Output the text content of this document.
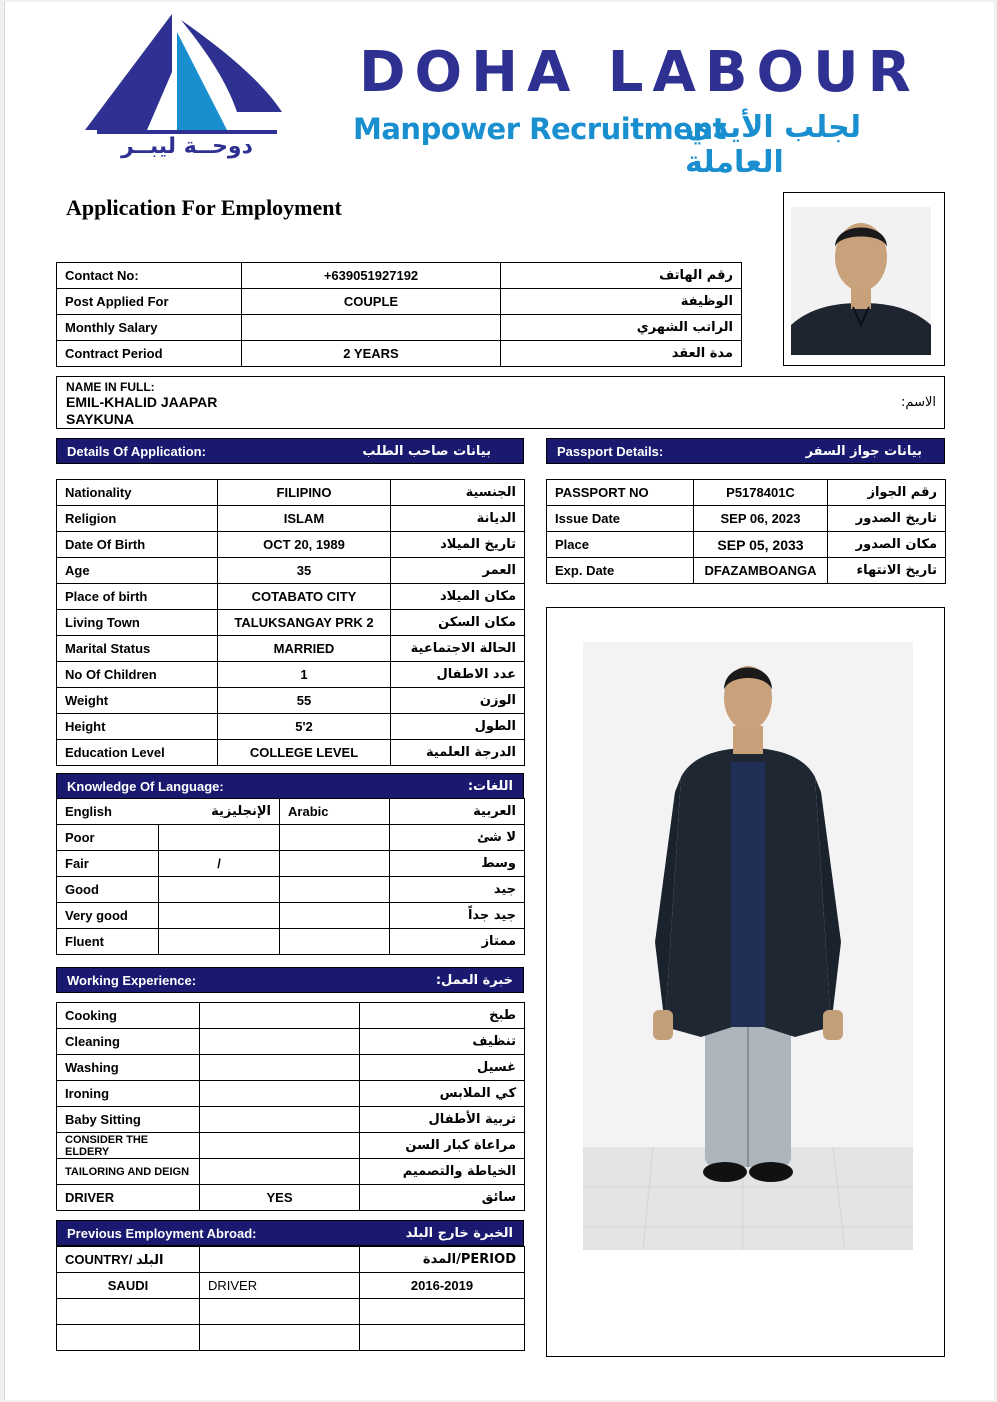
دوحــة ليبــر
DOHA LABOUR
Manpower Recruitment
لجلب الأيدي العاملة
Application For Employment
Contact No:	+639051927192	رقم الهاتف
Post Applied For	COUPLE	الوظيفة
Monthly Salary		الراتب الشهري
Contract Period	2 YEARS	مدة العقد
NAME IN FULL:
EMIL-KHALID JAAPAR
SAYKUNA
الاسم:
Details Of Application:	بيانات صاحب الطلب
Nationality	FILIPINO	الجنسية
Religion	ISLAM	الديانة
Date Of Birth	OCT 20, 1989	تاريخ الميلاد
Age	35	العمر
Place of birth	COTABATO CITY	مكان الميلاد
Living Town	TALUKSANGAY PRK 2	مكان السكن
Marital Status	MARRIED	الحالة الاجتماعية
No Of Children	1	عدد الاطفال
Weight	55	الوزن
Height	5'2	الطول
Education Level	COLLEGE LEVEL	الدرجة العلمية
Passport Details:	بيانات جواز السفر
PASSPORT NO	P5178401C	رقم الجواز
Issue Date	SEP 06, 2023	تاريخ الصدور
Place	SEP 05, 2033	مكان الصدور
Exp. Date	DFAZAMBOANGA	تاريخ الانتهاء
Knowledge Of Language:	اللغات:
English الإنجليزية		Arabic	العربية
Poor			لا شئ
Fair	/		وسط
Good			جيد
Very good			جيد جداً
Fluent			ممتاز
Working Experience:	خبرة العمل:
Cooking		طبخ
Cleaning		تنظيف
Washing		غسيل
Ironing		كي الملابس
Baby Sitting		تربية الأطفال
CONSIDER THE ELDERY		مراعاة كبار السن
TAILORING AND DEIGN		الخياطة والتصميم
DRIVER	YES	سائق
Previous Employment Abroad:	الخبرة خارج البلد
COUNTRY/ البلد		PERIOD/المدة
SAUDI	DRIVER	2016-2019
